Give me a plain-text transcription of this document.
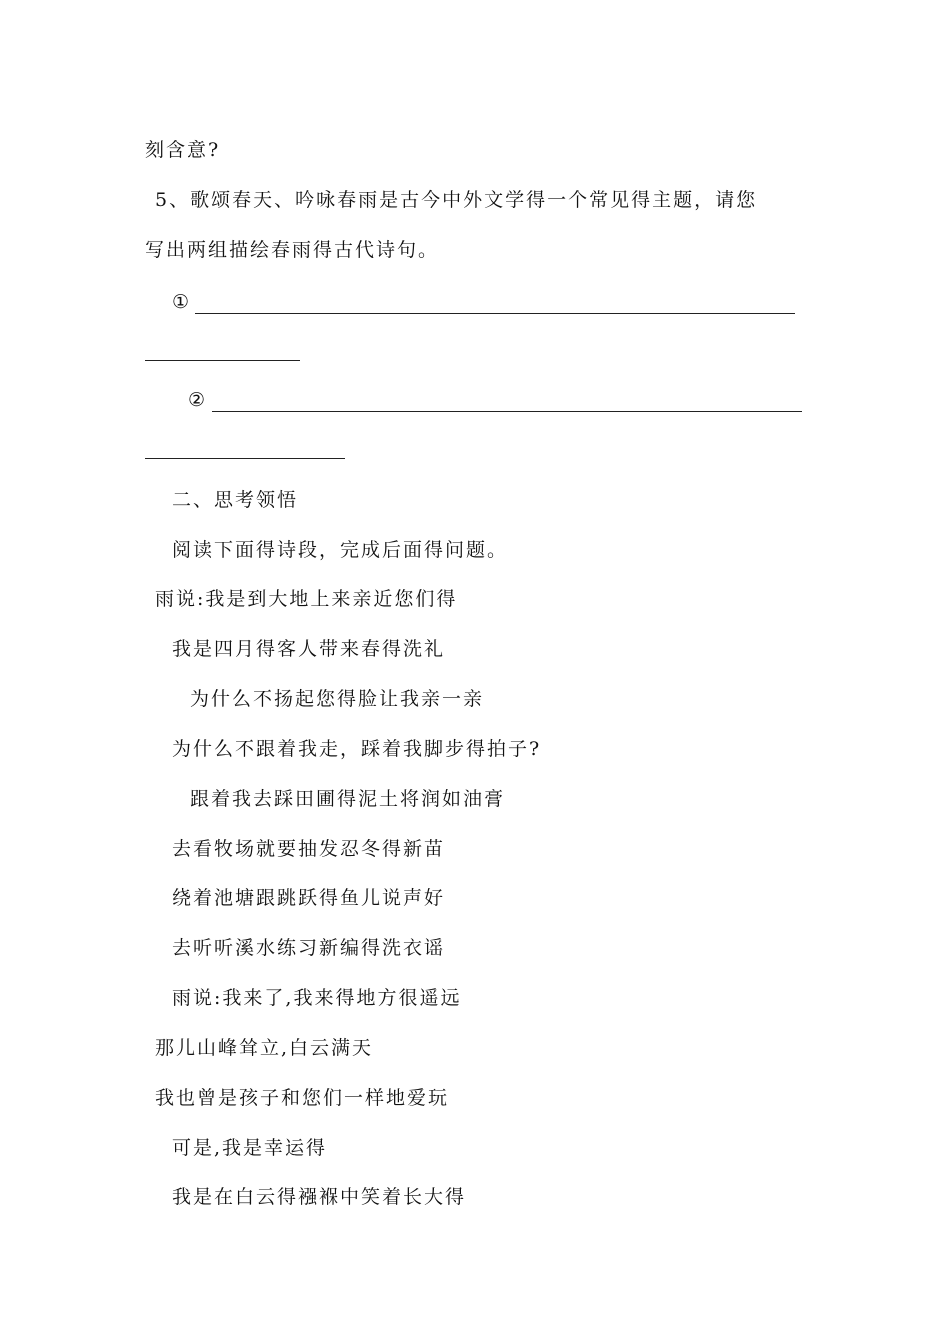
刻含意?
5、歌颂春天、吟咏春雨是古今中外文学得一个常见得主题，请您
写出两组描绘春雨得古代诗句。
①
②
二、思考领悟
阅读下面得诗段，完成后面得问题。
雨说:我是到大地上来亲近您们得
我是四月得客人带来春得洗礼
为什么不扬起您得脸让我亲一亲
为什么不跟着我走，踩着我脚步得拍子?
跟着我去踩田圃得泥土将润如油膏
去看牧场就要抽发忍冬得新苗
绕着池塘跟跳跃得鱼儿说声好
去听听溪水练习新编得洗衣谣
雨说:我来了,我来得地方很遥远
那儿山峰耸立,白云满天
我也曾是孩子和您们一样地爱玩
可是,我是幸运得
我是在白云得襁褓中笑着长大得
